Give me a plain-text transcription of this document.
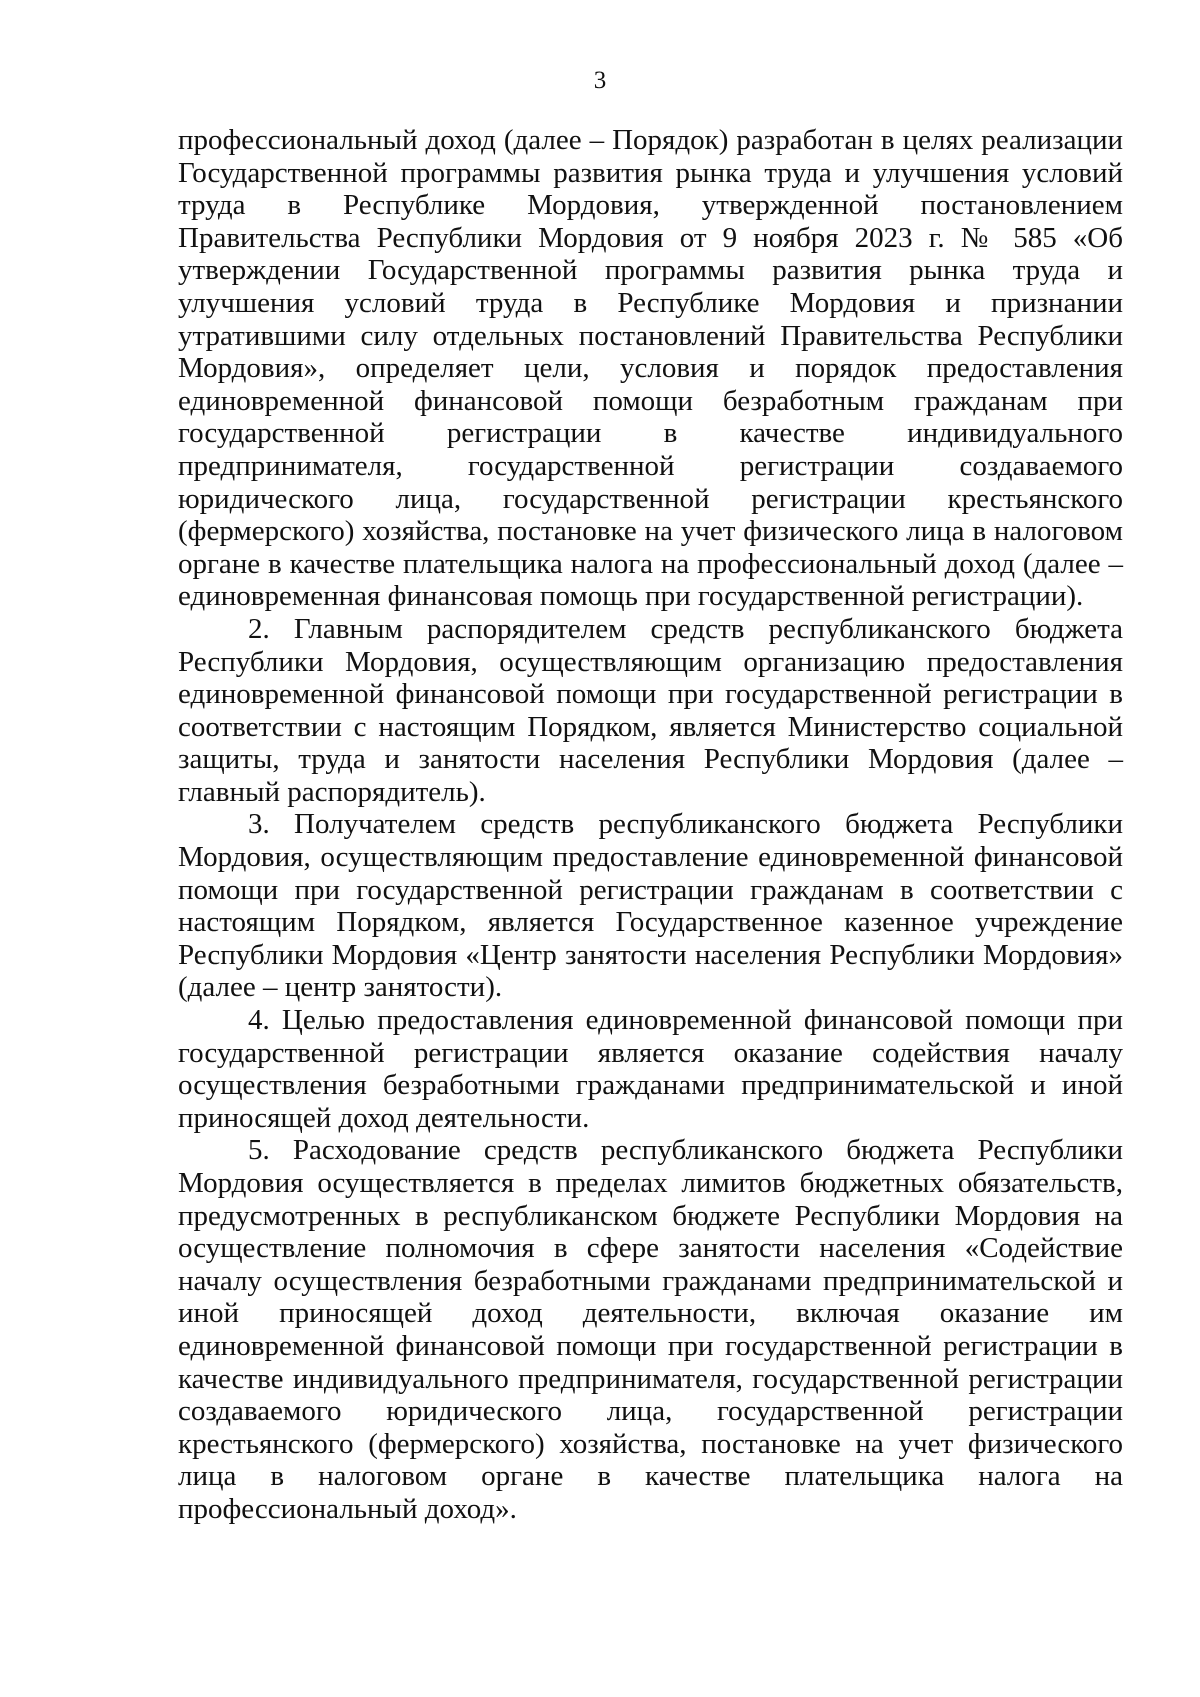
3

профессиональный доход (далее – Порядок) разработан в целях реализации Государственной программы развития рынка труда и улучшения условий труда в Республике Мордовия, утвержденной постановлением Правительства Республики Мордовия от 9 ноября 2023 г. № 585 «Об утверждении Государственной программы развития рынка труда и улучшения условий труда в Республике Мордовия и признании утратившими силу отдельных постановлений Правительства Республики Мордовия», определяет цели, условия и порядок предоставления единовременной финансовой помощи безработным гражданам при государственной регистрации в качестве индивидуального предпринимателя, государственной регистрации создаваемого юридического лица, государственной регистрации крестьянского (фермерского) хозяйства, постановке на учет физического лица в налоговом органе в качестве плательщика налога на профессиональный доход (далее – единовременная финансовая помощь при государственной регистрации).

2. Главным распорядителем средств республиканского бюджета Республики Мордовия, осуществляющим организацию предоставления единовременной финансовой помощи при государственной регистрации в соответствии с настоящим Порядком, является Министерство социальной защиты, труда и занятости населения Республики Мордовия (далее – главный распорядитель).

3. Получателем средств республиканского бюджета Республики Мордовия, осуществляющим предоставление единовременной финансовой помощи при государственной регистрации гражданам в соответствии с настоящим Порядком, является Государственное казенное учреждение Республики Мордовия «Центр занятости населения Республики Мордовия» (далее – центр занятости).

4. Целью предоставления единовременной финансовой помощи при государственной регистрации является оказание содействия началу осуществления безработными гражданами предпринимательской и иной приносящей доход деятельности.

5. Расходование средств республиканского бюджета Республики Мордовия осуществляется в пределах лимитов бюджетных обязательств, предусмотренных в республиканском бюджете Республики Мордовия на осуществление полномочия в сфере занятости населения «Содействие началу осуществления безработными гражданами предпринимательской и иной приносящей доход деятельности, включая оказание им единовременной финансовой помощи при государственной регистрации в качестве индивидуального предпринимателя, государственной регистрации создаваемого юридического лица, государственной регистрации крестьянского (фермерского) хозяйства, постановке на учет физического лица в налоговом органе в качестве плательщика налога на профессиональный доход».
